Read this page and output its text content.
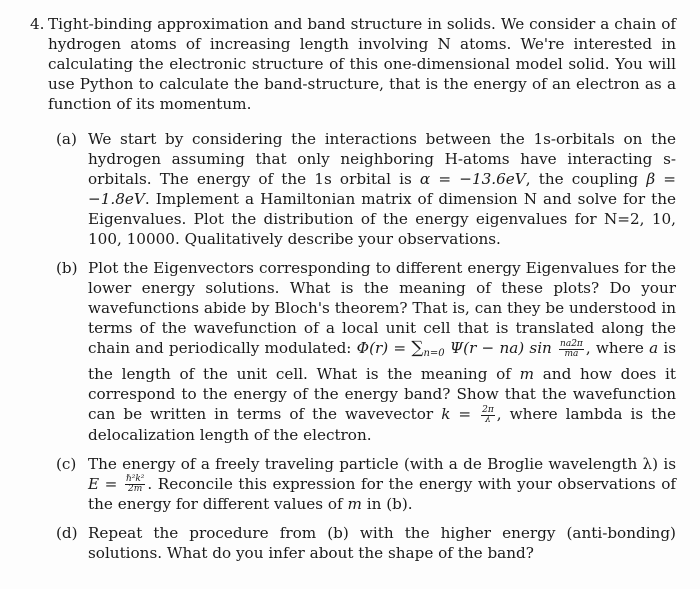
4. Tight-binding approximation and band structure in solids. We consider a chain of hydrogen atoms of increasing length involving N atoms. We're interested in calculating the electronic structure of this one-dimensional model solid. You will use Python to calculate the band-structure, that is the energy of an electron as a function of its momentum.
(a) We start by considering the interactions between the 1s-orbitals on the hydrogen assuming that only neighboring H-atoms have interacting s-orbitals. The energy of the 1s orbital is α = −13.6eV, the coupling β = −1.8eV. Implement a Hamiltonian matrix of dimension N and solve for the Eigenvalues. Plot the distribution of the energy eigenvalues for N=2, 10, 100, 10000. Qualitatively describe your observations.

(b) Plot the Eigenvectors corresponding to different energy Eigenvalues for the lower energy solutions. What is the meaning of these plots? Do your wavefunctions abide by Bloch's theorem? That is, can they be understood in terms of the wavefunction of a local unit cell that is translated along the chain and periodically modulated: $\Phi(r) = \sum_{n=0}$ Ψ(r − na) $\sin \frac{na2\pi}{ma}$ , where a is the length of the unit cell. What is the meaning of m and how does it correspond to the energy of the energy band? Show that the wavefunction can be written in terms of the wavevector $k = \frac{2\pi}{\lambda}$ , where lambda is the delocalization length of the electron.

(c) The energy of a freely traveling particle (with a de Broglie wavelength λ) is $E = \frac{\text{ℏ²k²}}{2m}$ . Reconcile this expression for the energy with your observations of the energy for different values of m in (b).

(d) Repeat the procedure from (b) with the higher energy (anti-bonding) solutions. What do you infer about the shape of the band?
